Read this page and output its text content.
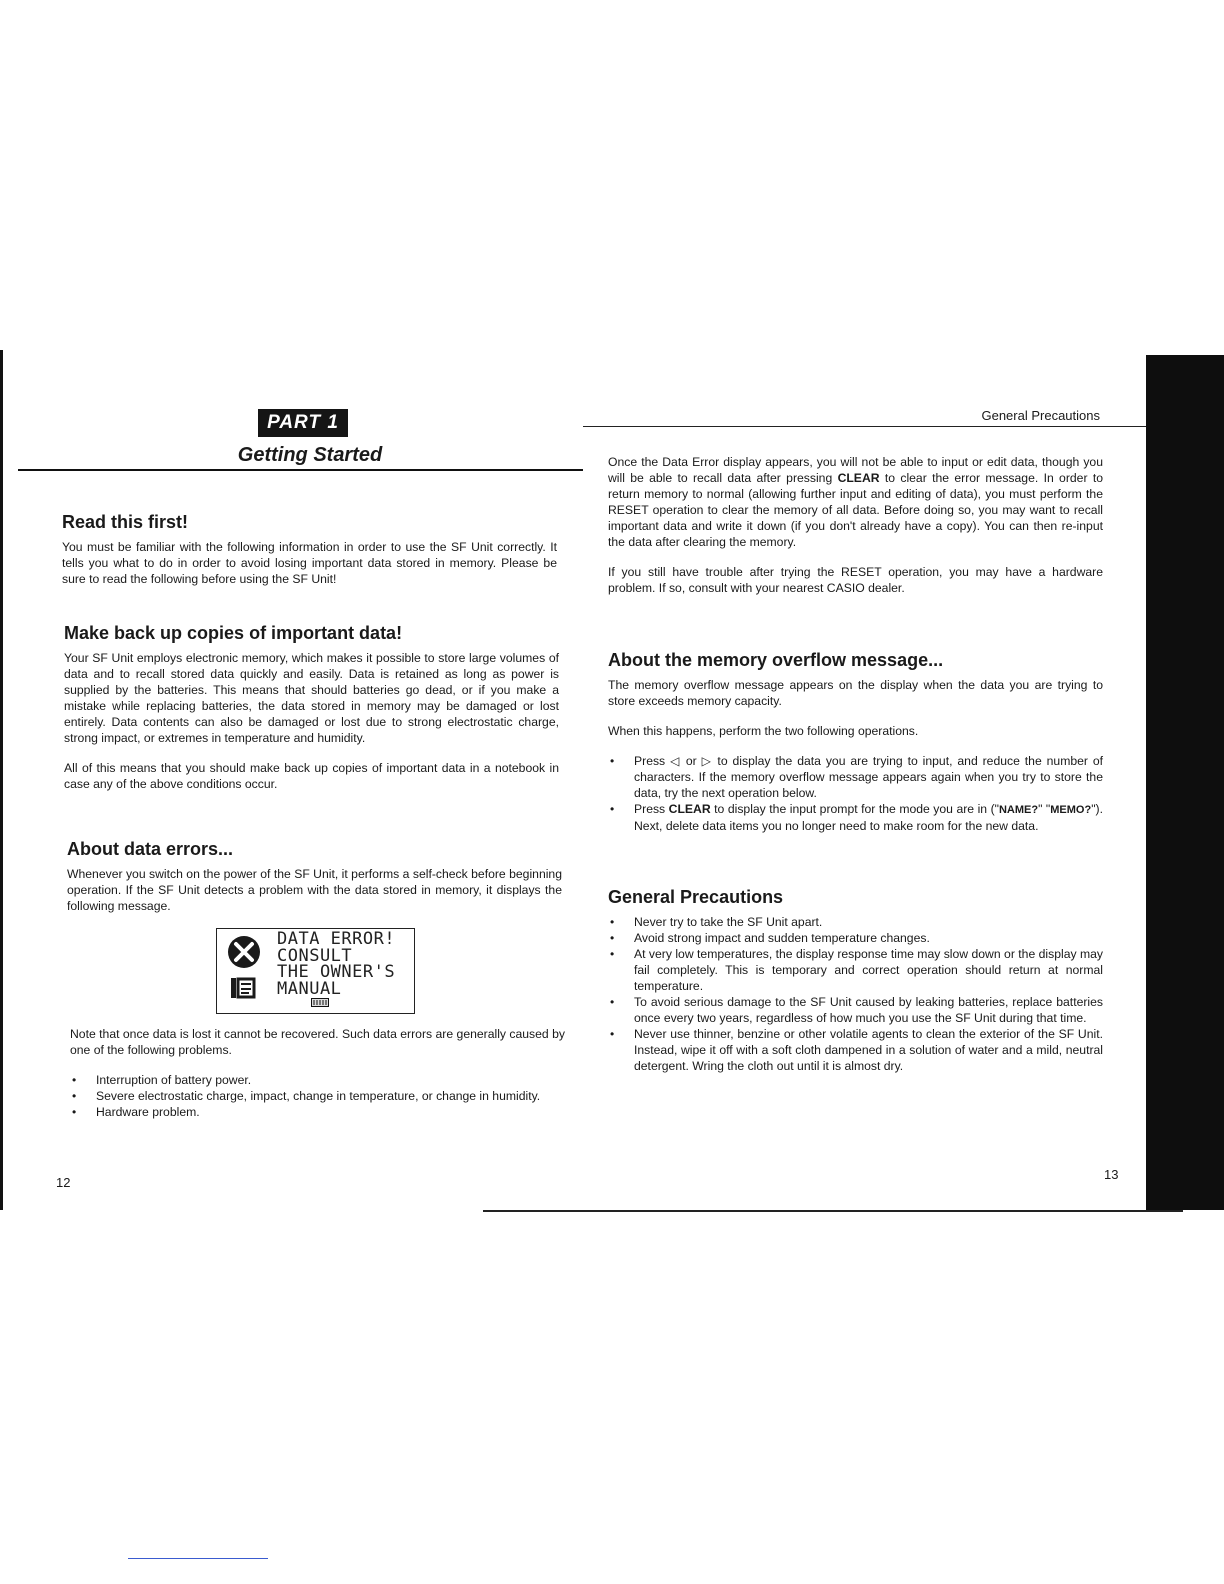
PART 1
Getting Started
Read this first!

You must be familiar with the following information in order to use the SF Unit correctly. It tells you what to do in order to avoid losing important data stored in memory. Please be sure to read the following before using the SF Unit!

Make back up copies of important data!

Your SF Unit employs electronic memory, which makes it possible to store large volumes of data and to recall stored data quickly and easily. Data is retained as long as power is supplied by the batteries. This means that should batteries go dead, or if you make a mistake while replacing batteries, the data stored in memory may be damaged or lost entirely. Data contents can also be damaged or lost due to strong electrostatic charge, strong impact, or extremes in temperature and humidity.

All of this means that you should make back up copies of important data in a notebook in case any of the above conditions occur.

About data errors...

Whenever you switch on the power of the SF Unit, it performs a self-check before beginning operation. If the SF Unit detects a problem with the data stored in memory, it displays the following message.

DATA ERROR!
CONSULT
THE OWNER'S
MANUAL

Note that once data is lost it cannot be recovered. Such data errors are generally caused by one of the following problems.

• Interruption of battery power.
• Severe electrostatic charge, impact, change in temperature, or change in humidity.
• Hardware problem.
12
General Precautions

Once the Data Error display appears, you will not be able to input or edit data, though you will be able to recall data after pressing CLEAR to clear the error message. In order to return memory to normal (allowing further input and editing of data), you must perform the RESET operation to clear the memory of all data. Before doing so, you may want to recall important data and write it down (if you don't already have a copy). You can then re-input the data after clearing the memory.

If you still have trouble after trying the RESET operation, you may have a hardware problem. If so, consult with your nearest CASIO dealer.

About the memory overflow message...

The memory overflow message appears on the display when the data you are trying to store exceeds memory capacity.

When this happens, perform the two following operations.

• Press ◁ or ▷ to display the data you are trying to input, and reduce the number of characters. If the memory overflow message appears again when you try to store the data, try the next operation below.
• Press CLEAR to display the input prompt for the mode you are in ("NAME?" "MEMO?"). Next, delete data items you no longer need to make room for the new data.
General Precautions
• Never try to take the SF Unit apart.
• Avoid strong impact and sudden temperature changes.
• At very low temperatures, the display response time may slow down or the display may fail completely. This is temporary and correct operation should return at normal temperature.
• To avoid serious damage to the SF Unit caused by leaking batteries, replace batteries once every two years, regardless of how much you use the SF Unit during that time.
• Never use thinner, benzine or other volatile agents to clean the exterior of the SF Unit. Instead, wipe it off with a soft cloth dampened in a solution of water and a mild, neutral detergent. Wring the cloth out until it is almost dry.
13
